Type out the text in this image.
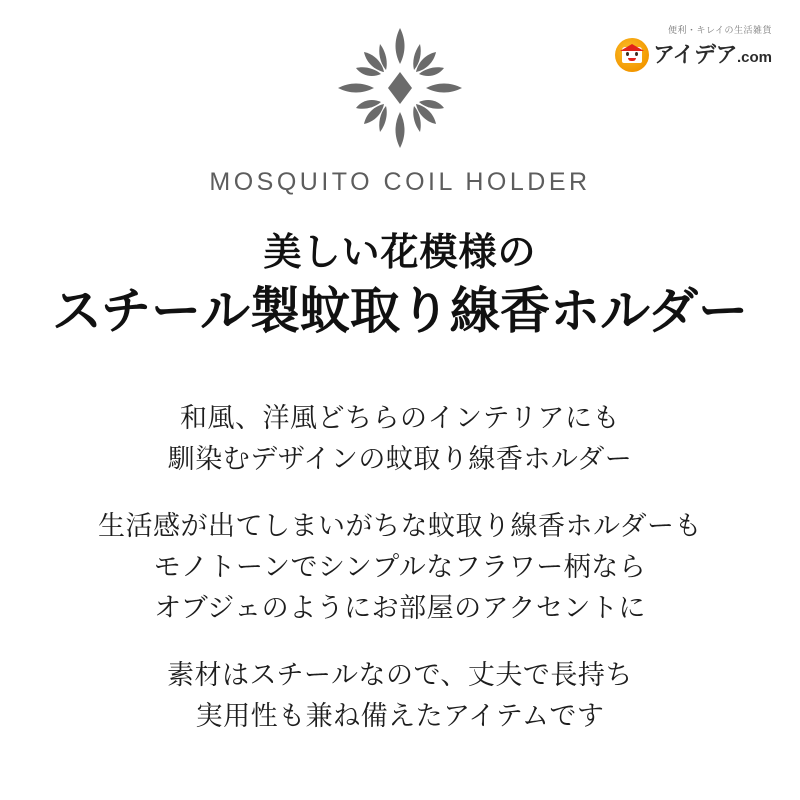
便利・キレイの生活雑貨
アイデア.com
MOSQUITO COIL HOLDER
美しい花模様の
スチール製蚊取り線香ホルダー
和風、洋風どちらのインテリアにも
馴染むデザインの蚊取り線香ホルダー
生活感が出てしまいがちな蚊取り線香ホルダーも
モノトーンでシンプルなフラワー柄なら
オブジェのようにお部屋のアクセントに
素材はスチールなので、丈夫で長持ち
実用性も兼ね備えたアイテムです
